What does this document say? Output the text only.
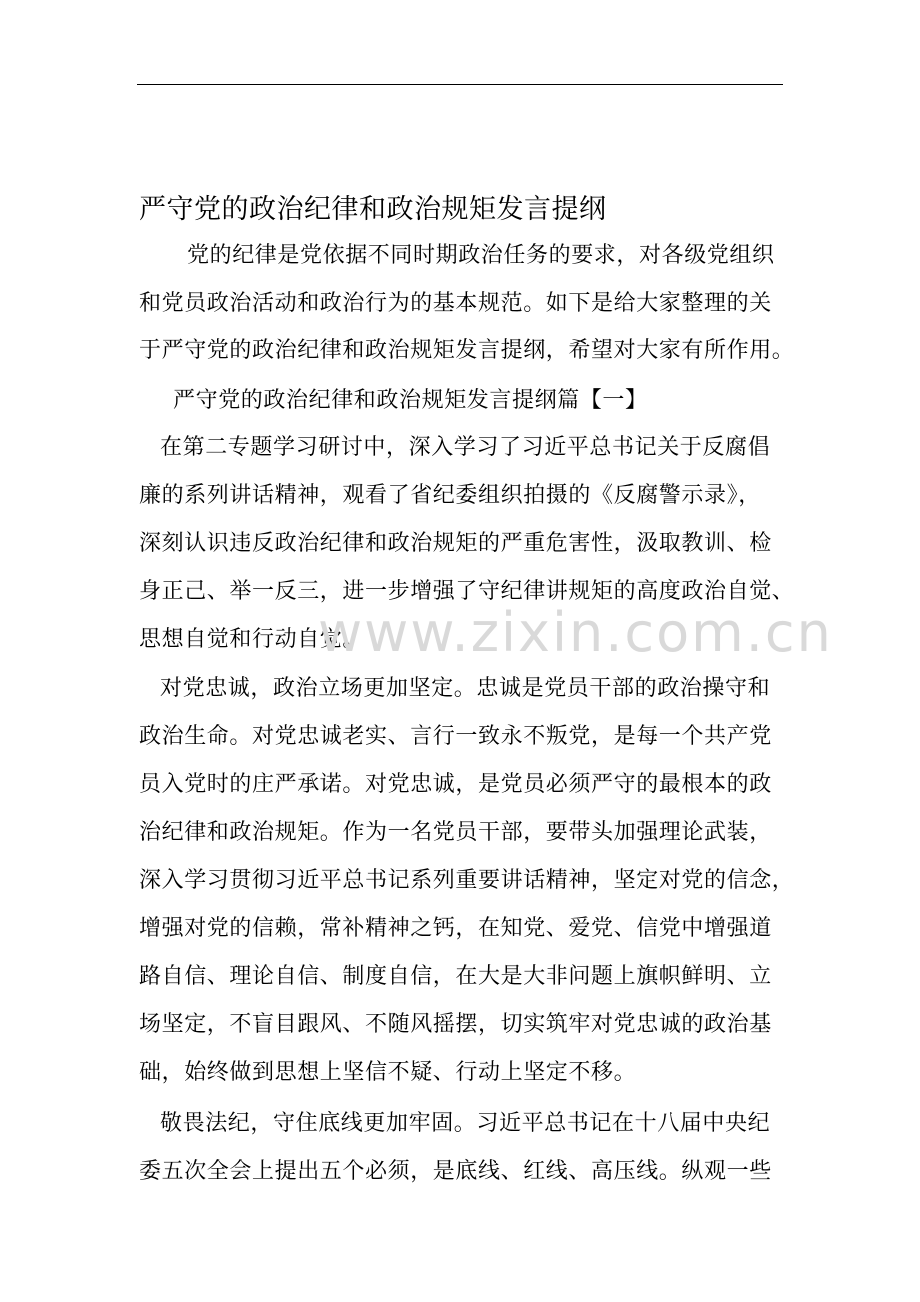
严守党的政治纪律和政治规矩发言提纲
党的纪律是党依据不同时期政治任务的要求，对各级党组织
和党员政治活动和政治行为的基本规范。如下是给大家整理的关
于严守党的政治纪律和政治规矩发言提纲，希望对大家有所作用。
严守党的政治纪律和政治规矩发言提纲篇【一】
在第二专题学习研讨中，深入学习了习近平总书记关于反腐倡
廉的系列讲话精神，观看了省纪委组织拍摄的《反腐警示录》，
深刻认识违反政治纪律和政治规矩的严重危害性，汲取教训、检
身正己、举一反三，进一步增强了守纪律讲规矩的高度政治自觉、
思想自觉和行动自觉。
对党忠诚，政治立场更加坚定。忠诚是党员干部的政治操守和
政治生命。对党忠诚老实、言行一致永不叛党，是每一个共产党
员入党时的庄严承诺。对党忠诚，是党员必须严守的最根本的政
治纪律和政治规矩。作为一名党员干部，要带头加强理论武装，
深入学习贯彻习近平总书记系列重要讲话精神，坚定对党的信念，
增强对党的信赖，常补精神之钙，在知党、爱党、信党中增强道
路自信、理论自信、制度自信，在大是大非问题上旗帜鲜明、立
场坚定，不盲目跟风、不随风摇摆，切实筑牢对党忠诚的政治基
础，始终做到思想上坚信不疑、行动上坚定不移。
敬畏法纪，守住底线更加牢固。习近平总书记在十八届中央纪
委五次全会上提出五个必须，是底线、红线、高压线。纵观一些
www.zixin.com.cn
